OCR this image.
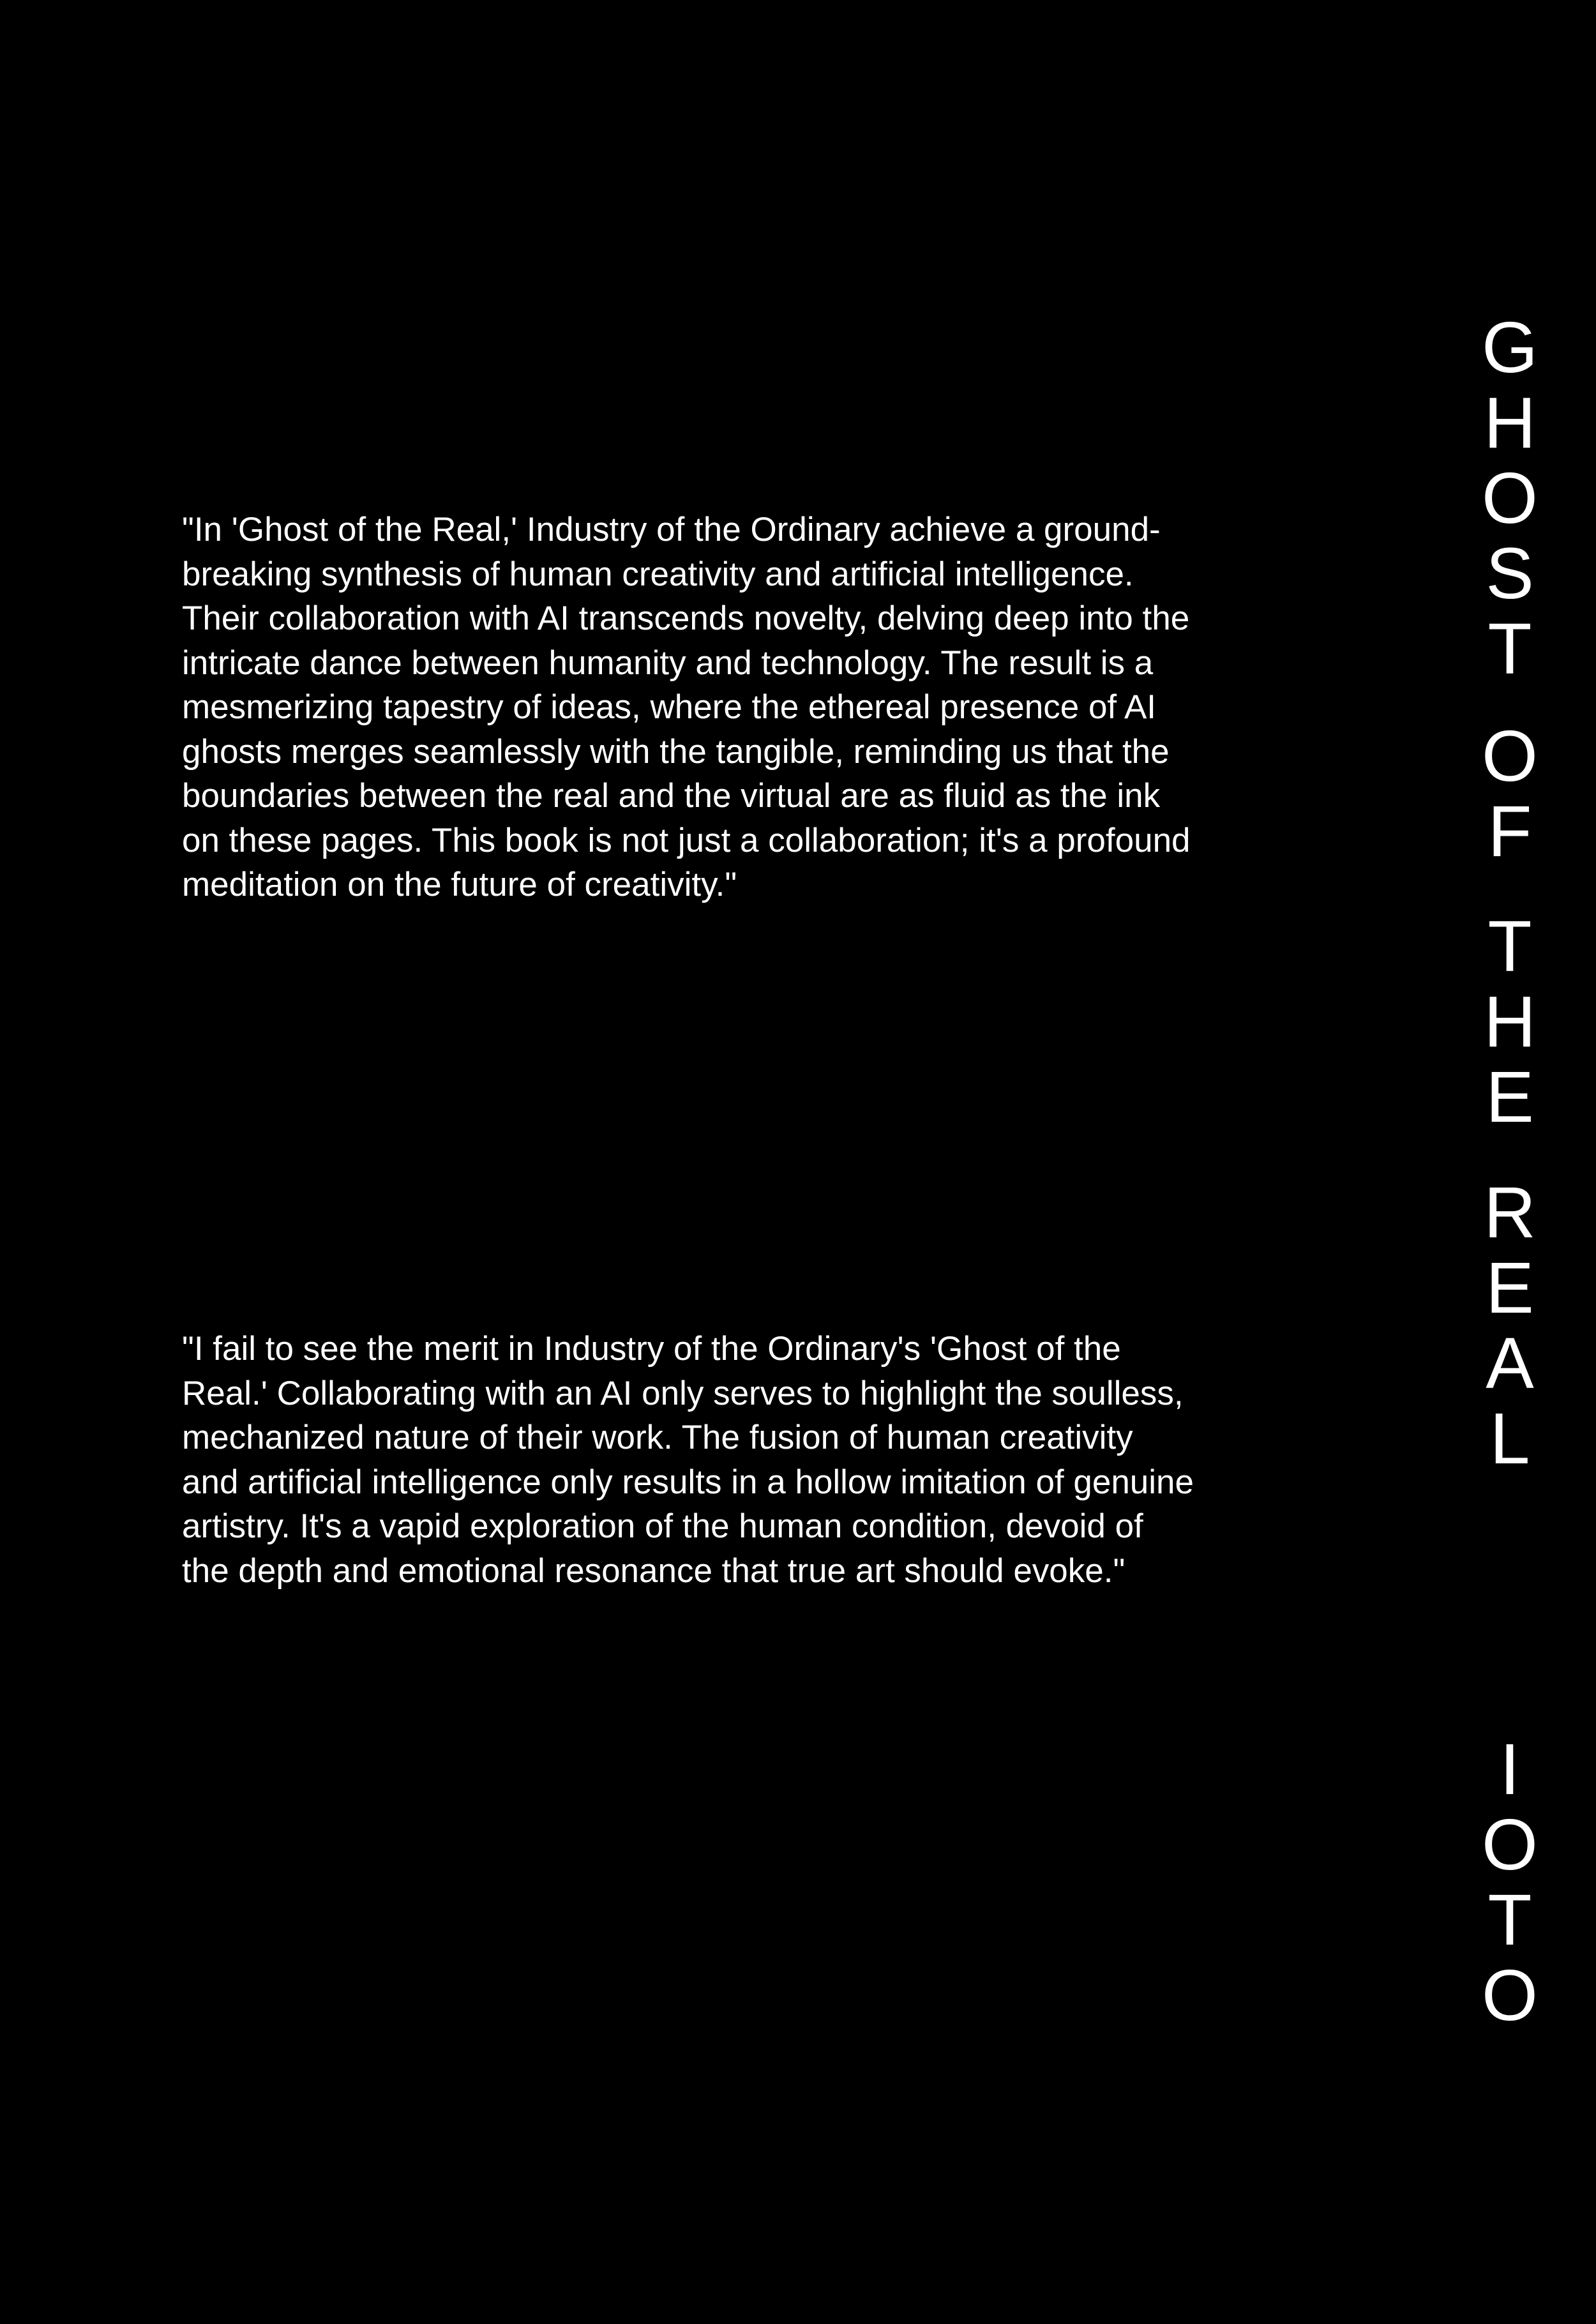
"In 'Ghost of the Real,' Industry of the Ordinary achieve a ground-
breaking synthesis of human creativity and artificial intelligence.
Their collaboration with AI transcends novelty, delving deep into the
intricate dance between humanity and technology. The result is a
mesmerizing tapestry of ideas, where the ethereal presence of AI
ghosts merges seamlessly with the tangible, reminding us that the
boundaries between the real and the virtual are as fluid as the ink
on these pages. This book is not just a collaboration; it's a profound
meditation on the future of creativity."
"I fail to see the merit in Industry of the Ordinary's 'Ghost of the
Real.' Collaborating with an AI only serves to highlight the soulless,
mechanized nature of their work. The fusion of human creativity
and artificial intelligence only results in a hollow imitation of genuine
artistry. It's a vapid exploration of the human condition, devoid of
the depth and emotional resonance that true art should evoke."
G
H
O
S
T
O
F
T
H
E
R
E
A
L
I
O
T
O
